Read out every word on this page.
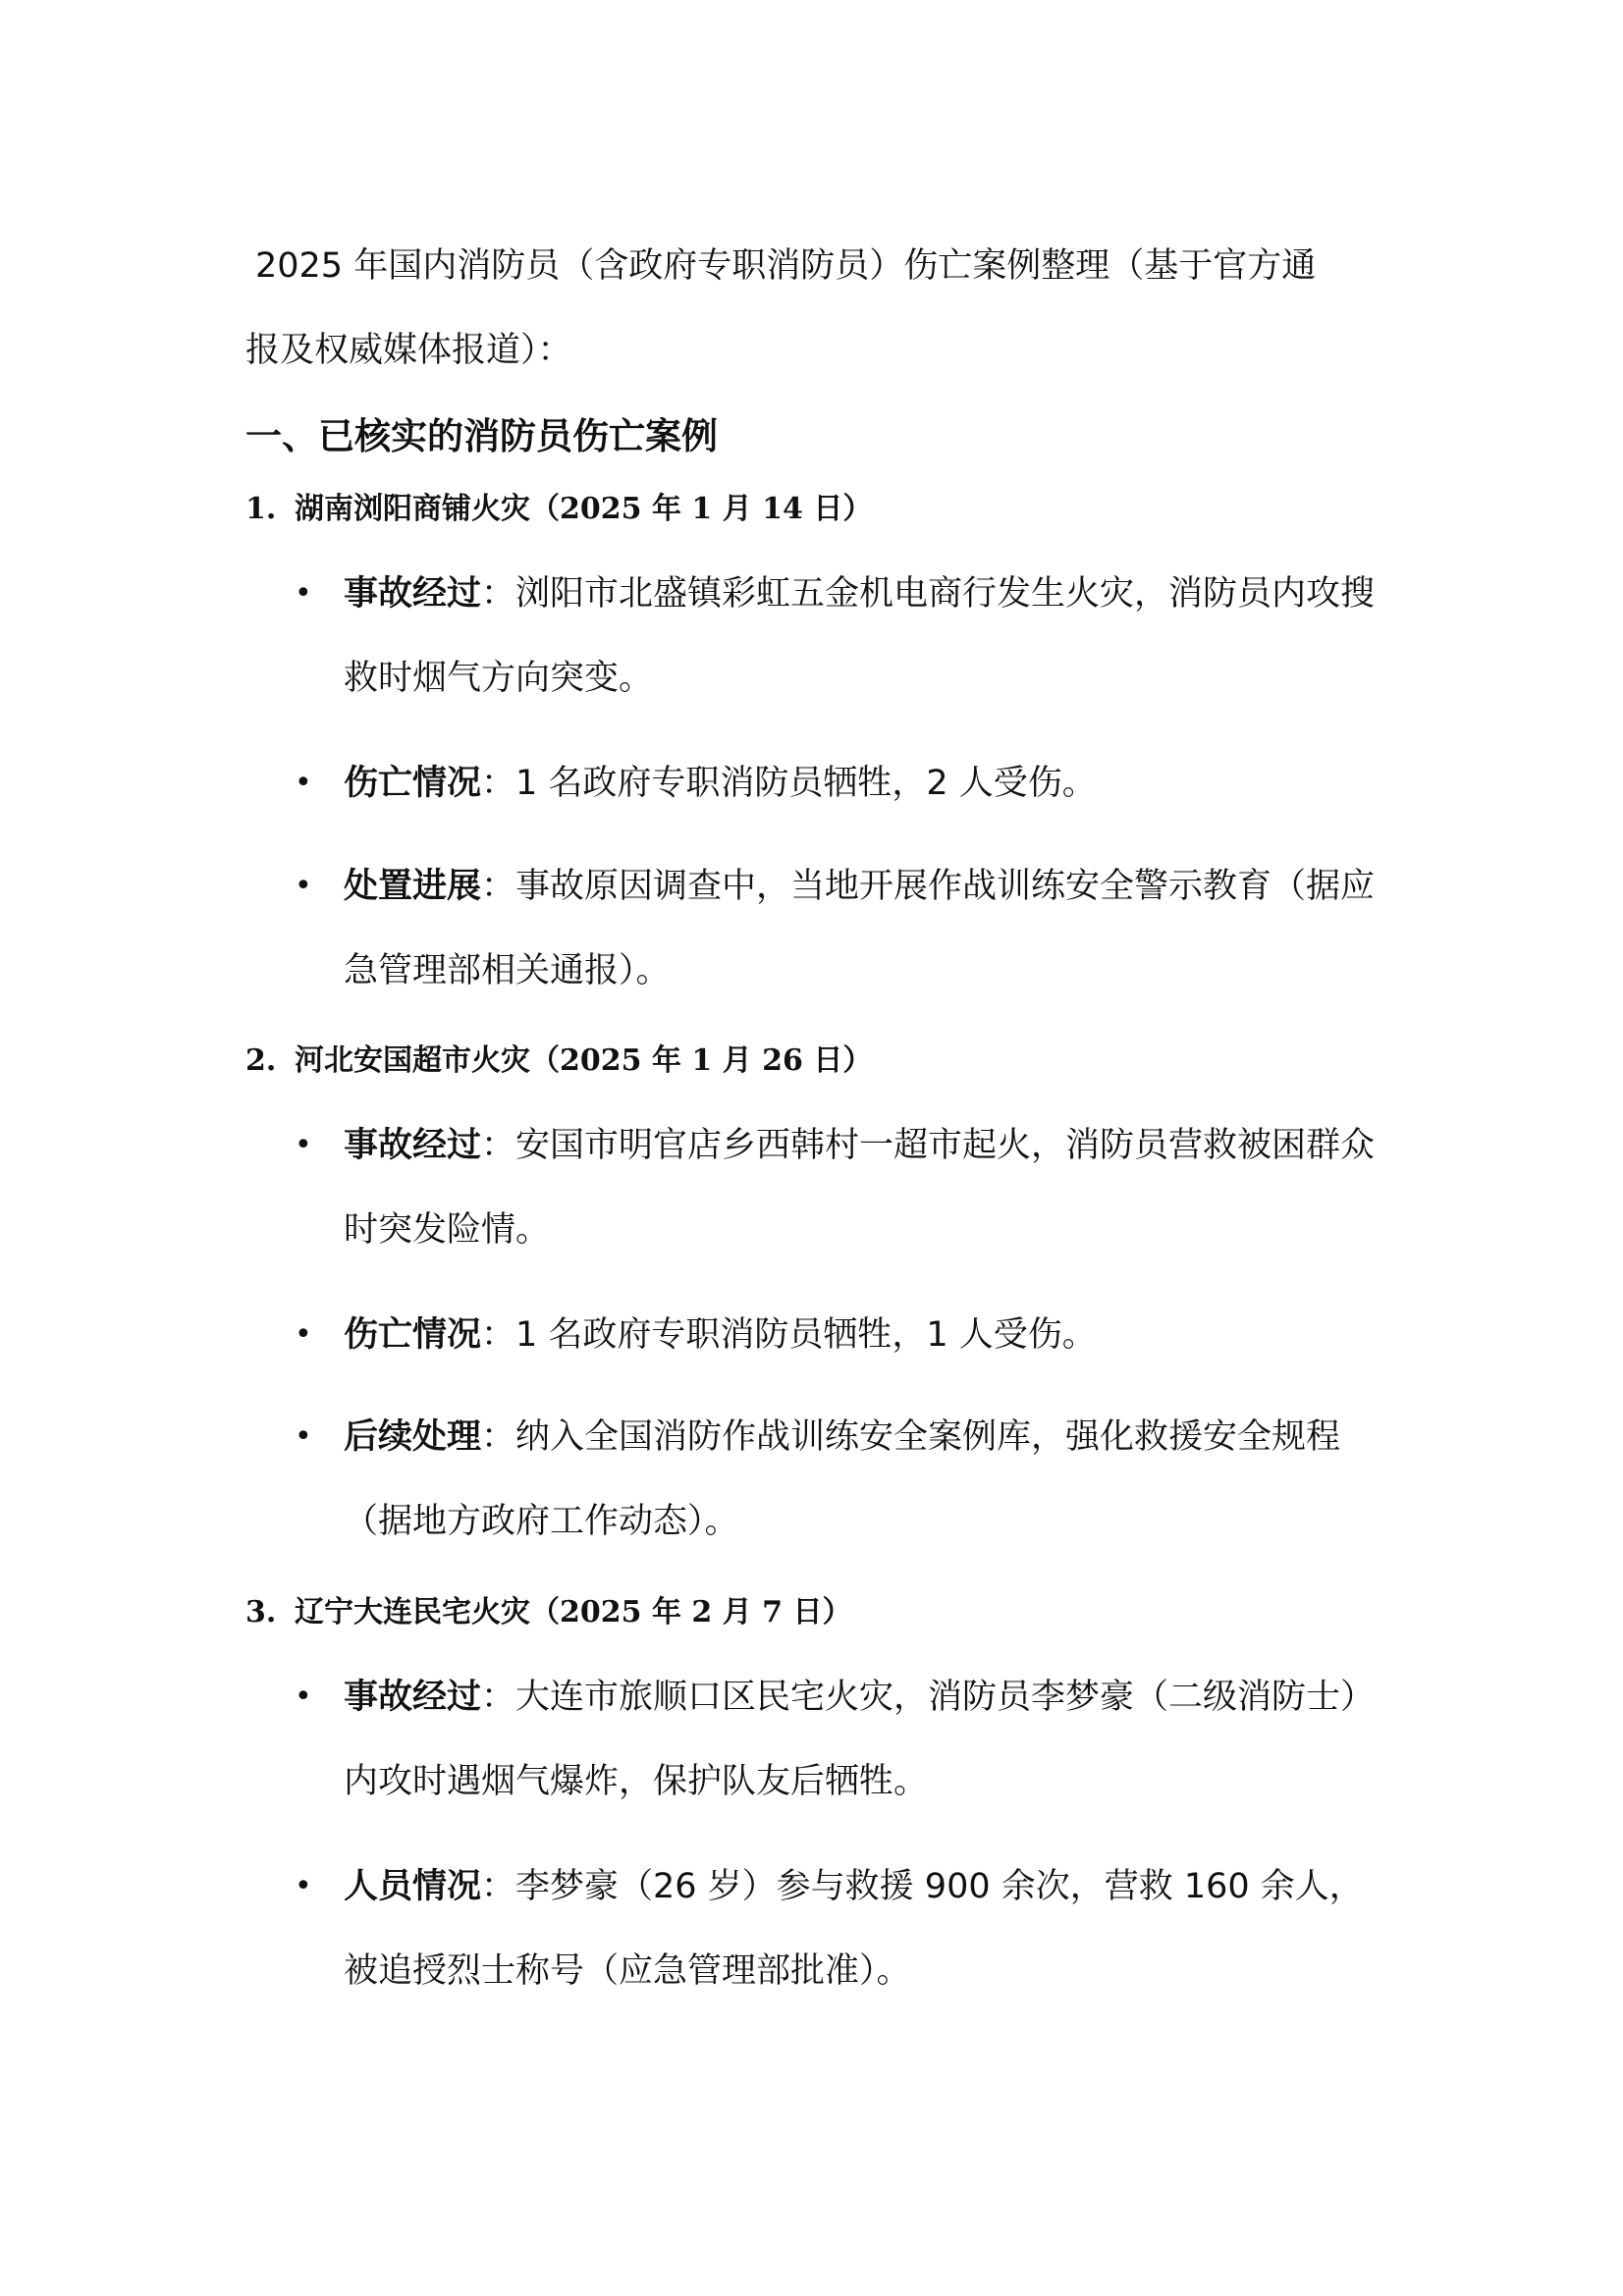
2025 年国内消防员（含政府专职消防员）伤亡案例整理（基于官方通
报及权威媒体报道）：

一、已核实的消防员伤亡案例
1. 湖南浏阳商铺火灾（2025 年 1 月 14 日）

• 事故经过：浏阳市北盛镇彩虹五金机电商行发生火灾，消防员内攻搜救时烟气方向突变。

• 伤亡情况：1 名政府专职消防员牺牲，2 人受伤。

• 处置进展：事故原因调查中，当地开展作战训练安全警示教育（据应急管理部相关通报）。

2. 河北安国超市火灾（2025 年 1 月 26 日）

• 事故经过：安国市明官店乡西韩村一超市起火，消防员营救被困群众时突发险情。

• 伤亡情况：1 名政府专职消防员牺牲，1 人受伤。

• 后续处理：纳入全国消防作战训练安全案例库，强化救援安全规程（据地方政府工作动态）。

3. 辽宁大连民宅火灾（2025 年 2 月 7 日）

• 事故经过：大连市旅顺口区民宅火灾，消防员李梦豪（二级消防士）内攻时遇烟气爆炸，保护队友后牺牲。

• 人员情况：李梦豪（26 岁）参与救援 900 余次，营救 160 余人，被追授烈士称号（应急管理部批准）。
